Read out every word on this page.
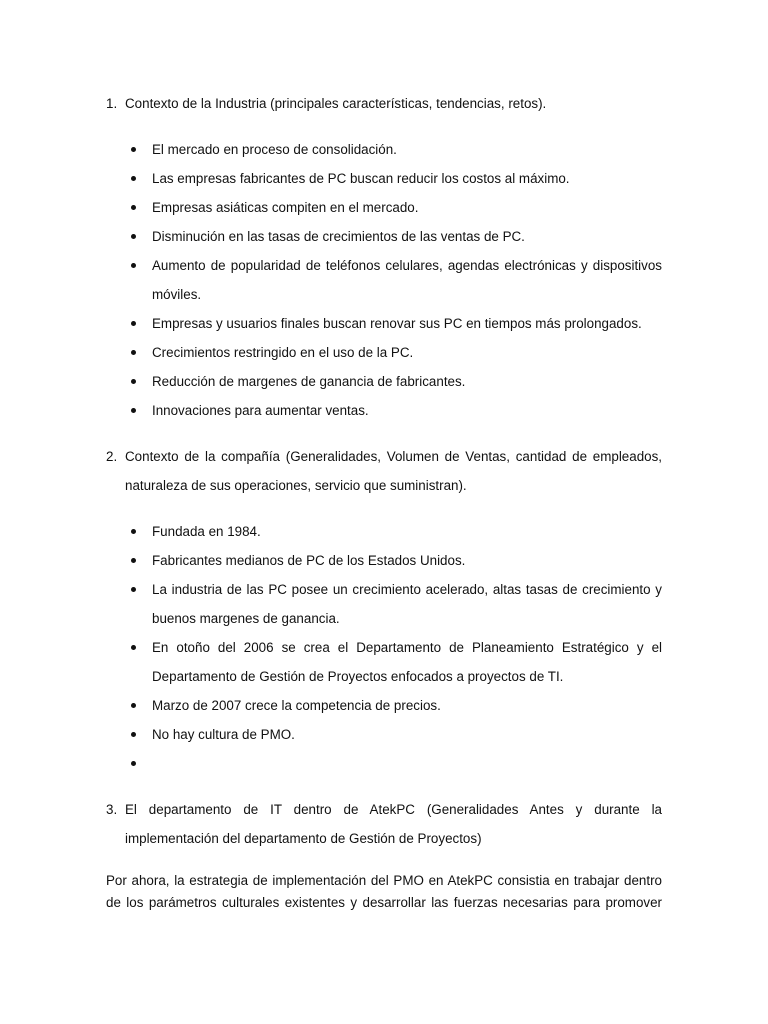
1. Contexto de la Industria (principales características, tendencias, retos).
El mercado en proceso de consolidación.
Las empresas fabricantes de PC buscan reducir los costos al máximo.
Empresas asiáticas compiten en el mercado.
Disminución en las tasas de crecimientos de las ventas de PC.
Aumento de popularidad de teléfonos celulares, agendas electrónicas y dispositivos móviles.
Empresas y usuarios finales buscan renovar sus PC en tiempos más prolongados.
Crecimientos restringido en el uso de la PC.
Reducción de margenes de ganancia de fabricantes.
Innovaciones para aumentar ventas.
2. Contexto de la compañía (Generalidades, Volumen de Ventas, cantidad de empleados, naturaleza de sus operaciones, servicio que suministran).
Fundada en 1984.
Fabricantes medianos de PC de los Estados Unidos.
La industria de las PC posee un crecimiento acelerado, altas tasas de crecimiento y buenos margenes de ganancia.
En otoño del 2006 se crea el Departamento de Planeamiento Estratégico y el Departamento de Gestión de Proyectos enfocados a proyectos de TI.
Marzo de 2007 crece la competencia de precios.
No hay cultura de PMO.
3. El departamento de IT dentro de AtekPC (Generalidades Antes y durante la implementación del departamento de Gestión de Proyectos)

Por ahora, la estrategia de implementación del PMO en AtekPC consistia en trabajar dentro de los parámetros culturales existentes y desarrollar las fuerzas necesarias para promover
